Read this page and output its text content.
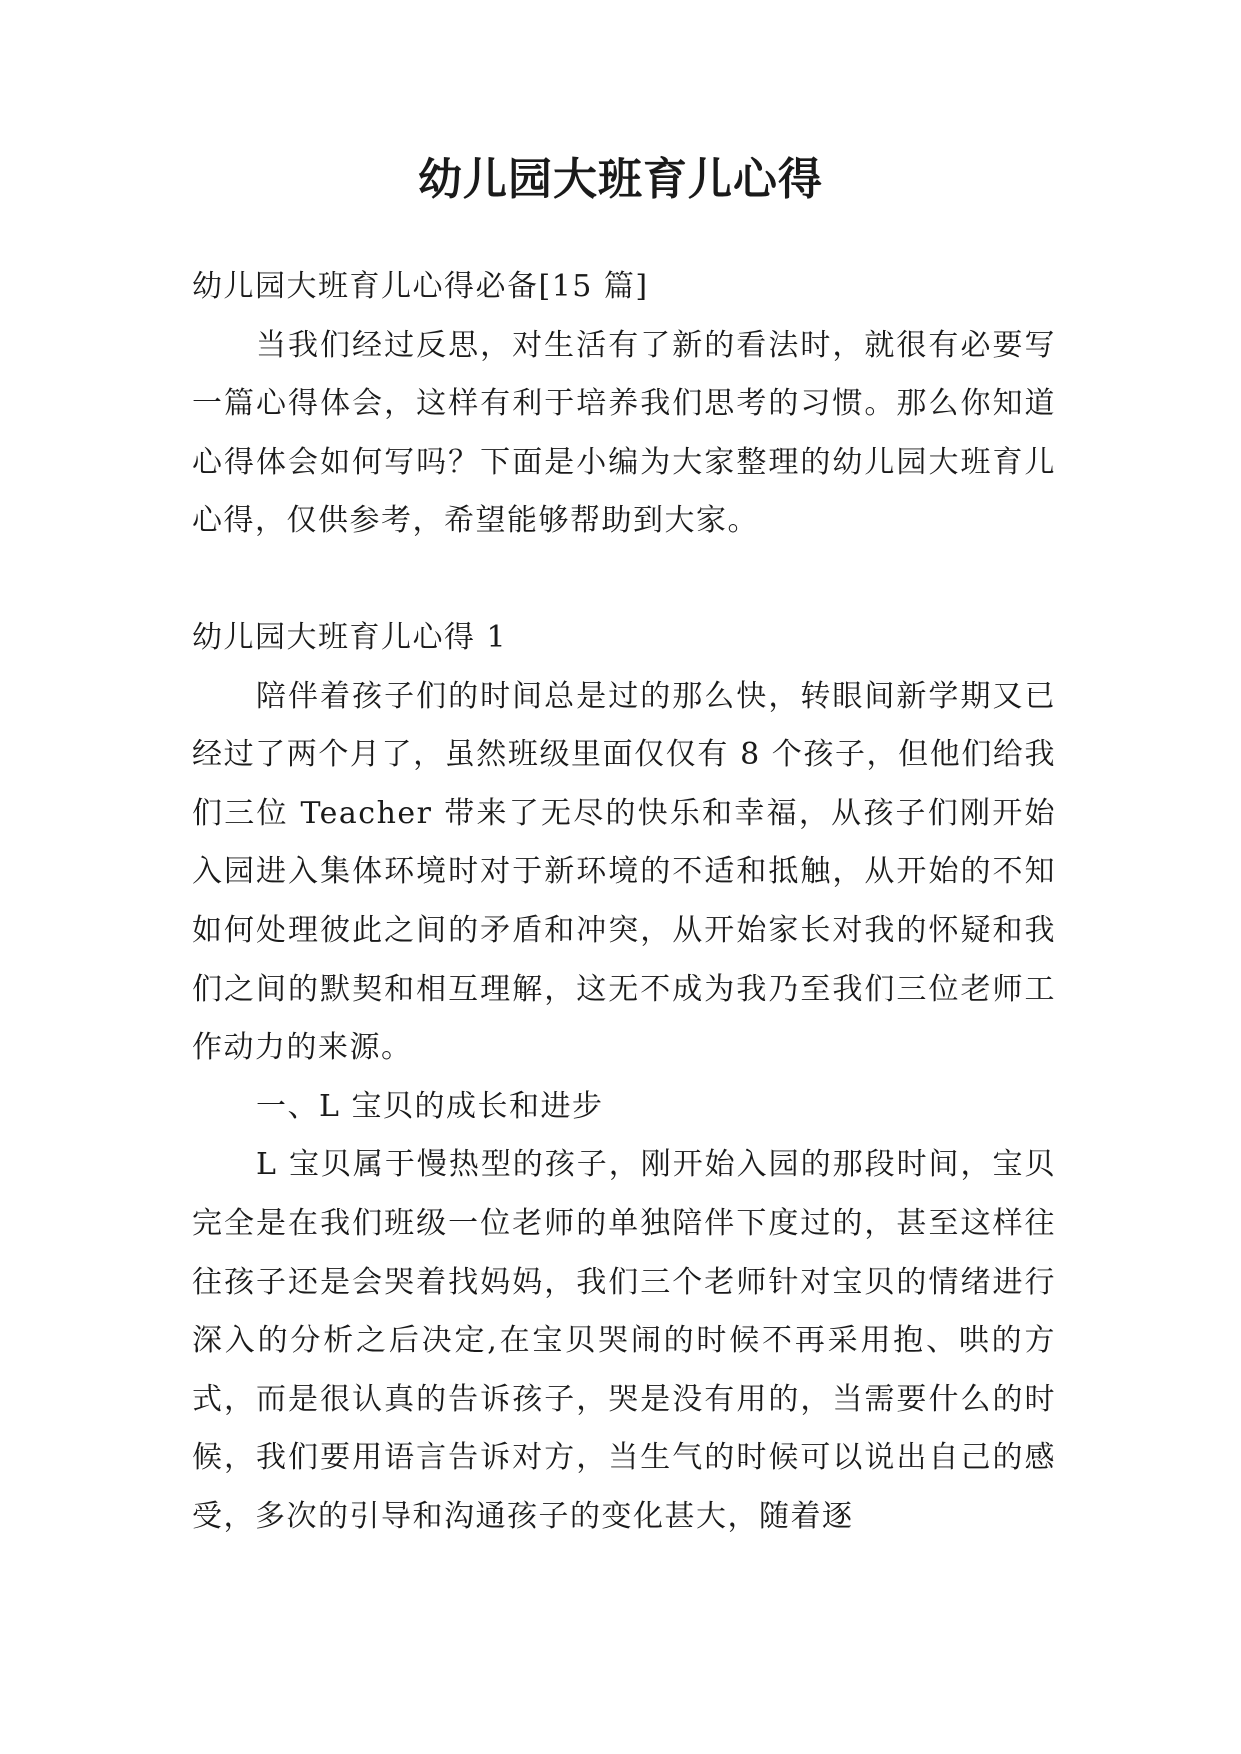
幼儿园大班育儿心得

幼儿园大班育儿心得必备[15 篇]

当我们经过反思，对生活有了新的看法时，就很有必要写一篇心得体会，这样有利于培养我们思考的习惯。那么你知道心得体会如何写吗？下面是小编为大家整理的幼儿园大班育儿心得，仅供参考，希望能够帮助到大家。

幼儿园大班育儿心得 1

陪伴着孩子们的时间总是过的那么快，转眼间新学期又已经过了两个月了，虽然班级里面仅仅有 8 个孩子，但他们给我们三位 Teacher 带来了无尽的快乐和幸福，从孩子们刚开始入园进入集体环境时对于新环境的不适和抵触，从开始的不知如何处理彼此之间的矛盾和冲突，从开始家长对我的怀疑和我们之间的默契和相互理解，这无不成为我乃至我们三位老师工作动力的来源。

一、L 宝贝的成长和进步

L 宝贝属于慢热型的孩子，刚开始入园的那段时间，宝贝完全是在我们班级一位老师的单独陪伴下度过的，甚至这样往往孩子还是会哭着找妈妈，我们三个老师针对宝贝的情绪进行深入的分析之后决定,在宝贝哭闹的时候不再采用抱、哄的方式，而是很认真的告诉孩子，哭是没有用的，当需要什么的时候，我们要用语言告诉对方，当生气的时候可以说出自己的感受，多次的引导和沟通孩子的变化甚大，随着逐
